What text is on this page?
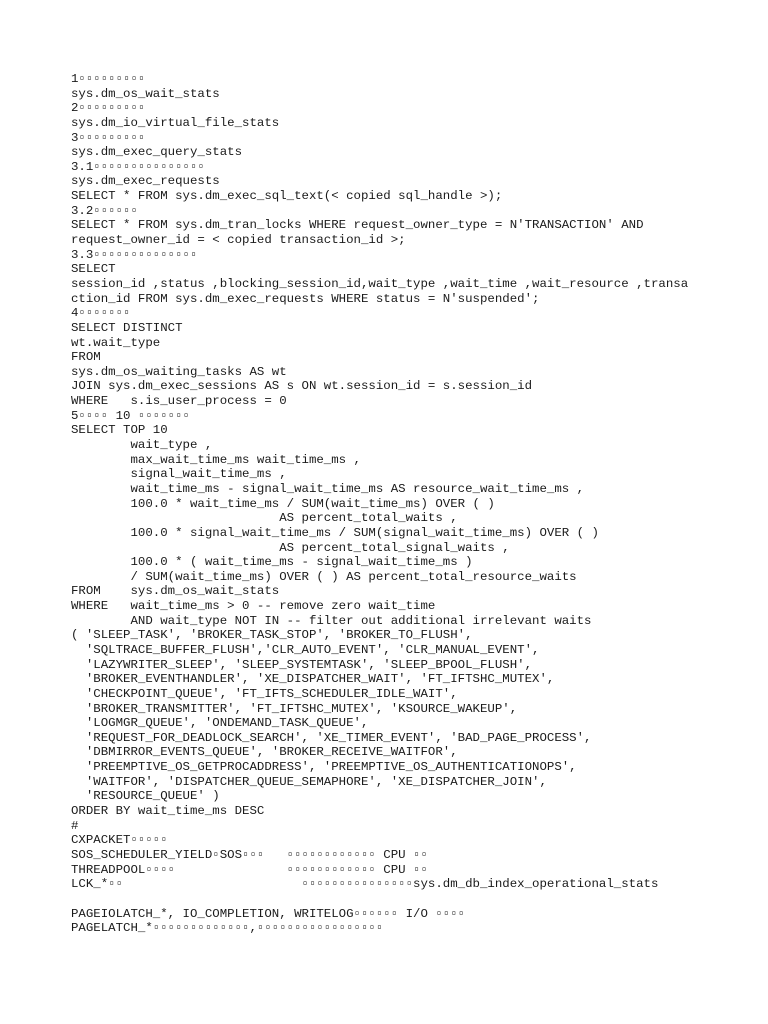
1▫▫▫▫▫▫▫▫▫
sys.dm_os_wait_stats
2▫▫▫▫▫▫▫▫▫
sys.dm_io_virtual_file_stats
3▫▫▫▫▫▫▫▫▫
sys.dm_exec_query_stats
3.1▫▫▫▫▫▫▫▫▫▫▫▫▫▫▫
sys.dm_exec_requests
SELECT * FROM sys.dm_exec_sql_text(< copied sql_handle >);
3.2▫▫▫▫▫▫
SELECT * FROM sys.dm_tran_locks WHERE request_owner_type = N'TRANSACTION' AND
request_owner_id = < copied transaction_id >;
3.3▫▫▫▫▫▫▫▫▫▫▫▫▫▫
SELECT
session_id ,status ,blocking_session_id,wait_type ,wait_time ,wait_resource ,transa
ction_id FROM sys.dm_exec_requests WHERE status = N'suspended';
4▫▫▫▫▫▫▫
SELECT DISTINCT
wt.wait_type
FROM
sys.dm_os_waiting_tasks AS wt
JOIN sys.dm_exec_sessions AS s ON wt.session_id = s.session_id
WHERE   s.is_user_process = 0
5▫▫▫▫ 10 ▫▫▫▫▫▫▫
SELECT TOP 10
wait_type ,
max_wait_time_ms wait_time_ms ,
signal_wait_time_ms ,
wait_time_ms - signal_wait_time_ms AS resource_wait_time_ms ,
100.0 * wait_time_ms / SUM(wait_time_ms) OVER ( )
AS percent_total_waits ,
100.0 * signal_wait_time_ms / SUM(signal_wait_time_ms) OVER ( )
AS percent_total_signal_waits ,
100.0 * ( wait_time_ms - signal_wait_time_ms )
/ SUM(wait_time_ms) OVER ( ) AS percent_total_resource_waits
FROM    sys.dm_os_wait_stats
WHERE   wait_time_ms > 0 -- remove zero wait_time
AND wait_type NOT IN -- filter out additional irrelevant waits
( 'SLEEP_TASK', 'BROKER_TASK_STOP', 'BROKER_TO_FLUSH',
'SQLTRACE_BUFFER_FLUSH','CLR_AUTO_EVENT', 'CLR_MANUAL_EVENT',
'LAZYWRITER_SLEEP', 'SLEEP_SYSTEMTASK', 'SLEEP_BPOOL_FLUSH',
'BROKER_EVENTHANDLER', 'XE_DISPATCHER_WAIT', 'FT_IFTSHC_MUTEX',
'CHECKPOINT_QUEUE', 'FT_IFTS_SCHEDULER_IDLE_WAIT',
'BROKER_TRANSMITTER', 'FT_IFTSHC_MUTEX', 'KSOURCE_WAKEUP',
'LOGMGR_QUEUE', 'ONDEMAND_TASK_QUEUE',
'REQUEST_FOR_DEADLOCK_SEARCH', 'XE_TIMER_EVENT', 'BAD_PAGE_PROCESS',
'DBMIRROR_EVENTS_QUEUE', 'BROKER_RECEIVE_WAITFOR',
'PREEMPTIVE_OS_GETPROCADDRESS', 'PREEMPTIVE_OS_AUTHENTICATIONOPS',
'WAITFOR', 'DISPATCHER_QUEUE_SEMAPHORE', 'XE_DISPATCHER_JOIN',
'RESOURCE_QUEUE' )
ORDER BY wait_time_ms DESC
#
CXPACKET▫▫▫▫▫
SOS_SCHEDULER_YIELD▫SOS▫▫▫   ▫▫▫▫▫▫▫▫▫▫▫▫ CPU ▫▫
THREADPOOL▫▫▫▫               ▫▫▫▫▫▫▫▫▫▫▫▫ CPU ▫▫
LCK_*▫▫                        ▫▫▫▫▫▫▫▫▫▫▫▫▫▫▫sys.dm_db_index_operational_stats
PAGEIOLATCH_*, IO_COMPLETION, WRITELOG▫▫▫▫▫▫ I/O ▫▫▫▫
PAGELATCH_*▫▫▫▫▫▫▫▫▫▫▫▫▫,▫▫▫▫▫▫▫▫▫▫▫▫▫▫▫▫▫
